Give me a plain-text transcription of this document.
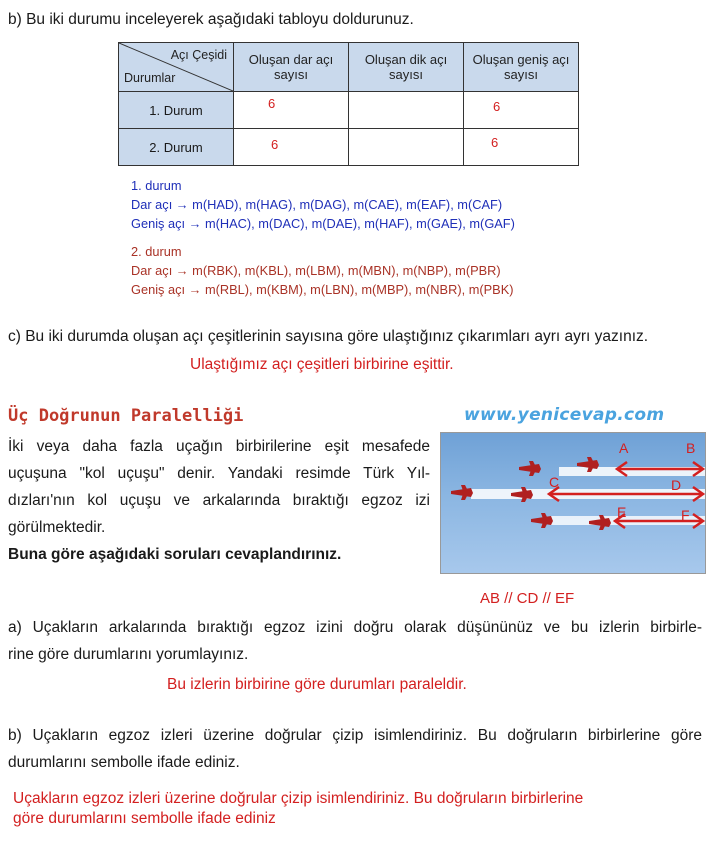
b) Bu iki durumu inceleyerek aşağıdaki tabloyu doldurunuz.
Açı Çeşidi
Durumlar	Oluşan dar açı sayısı	Oluşan dik açı sayısı	Oluşan geniş açı sayısı
1. Durum	6		6

2. Durum	6		6
1. durum
Dar açı → m(HAD), m(HAG), m(DAG), m(CAE), m(EAF), m(CAF)
Geniş açı → m(HAC), m(DAC), m(DAE), m(HAF), m(GAE), m(GAF)
2. durum
Dar açı → m(RBK), m(KBL), m(LBM), m(MBN), m(NBP), m(PBR)
Geniş açı → m(RBL), m(KBM), m(LBN), m(MBP), m(NBR), m(PBK)
c) Bu iki durumda oluşan açı çeşitlerinin sayısına göre ulaştığınız çıkarımları ayrı ayrı yazınız.
Ulaştığımız açı çeşitleri birbirine eşittir.
Üç Doğrunun Paralelliği	www.yenicevap.com
İki veya daha fazla uçağın birbirilerine eşit mesafede
uçuşuna "kol uçuşu" denir. Yandaki resimde Türk Yıl-
dızları'nın kol uçuşu ve arkalarında bıraktığı egzoz izi
görülmektedir.
Buna göre aşağıdaki soruları cevaplandırınız.
A	B
C	D
E	F
AB // CD // EF
a) Uçakların arkalarında bıraktığı egzoz izini doğru olarak düşününüz ve bu izlerin birbirle-
rine göre durumlarını yorumlayınız.
Bu izlerin birbirine göre durumları paraleldir.
b) Uçakların egzoz izleri üzerine doğrular çizip isimlendiriniz. Bu doğruların birbirlerine göre
durumlarını sembolle ifade ediniz.
Uçakların egzoz izleri üzerine doğrular çizip isimlendiriniz. Bu doğruların birbirlerine
göre durumlarını sembolle ifade ediniz
